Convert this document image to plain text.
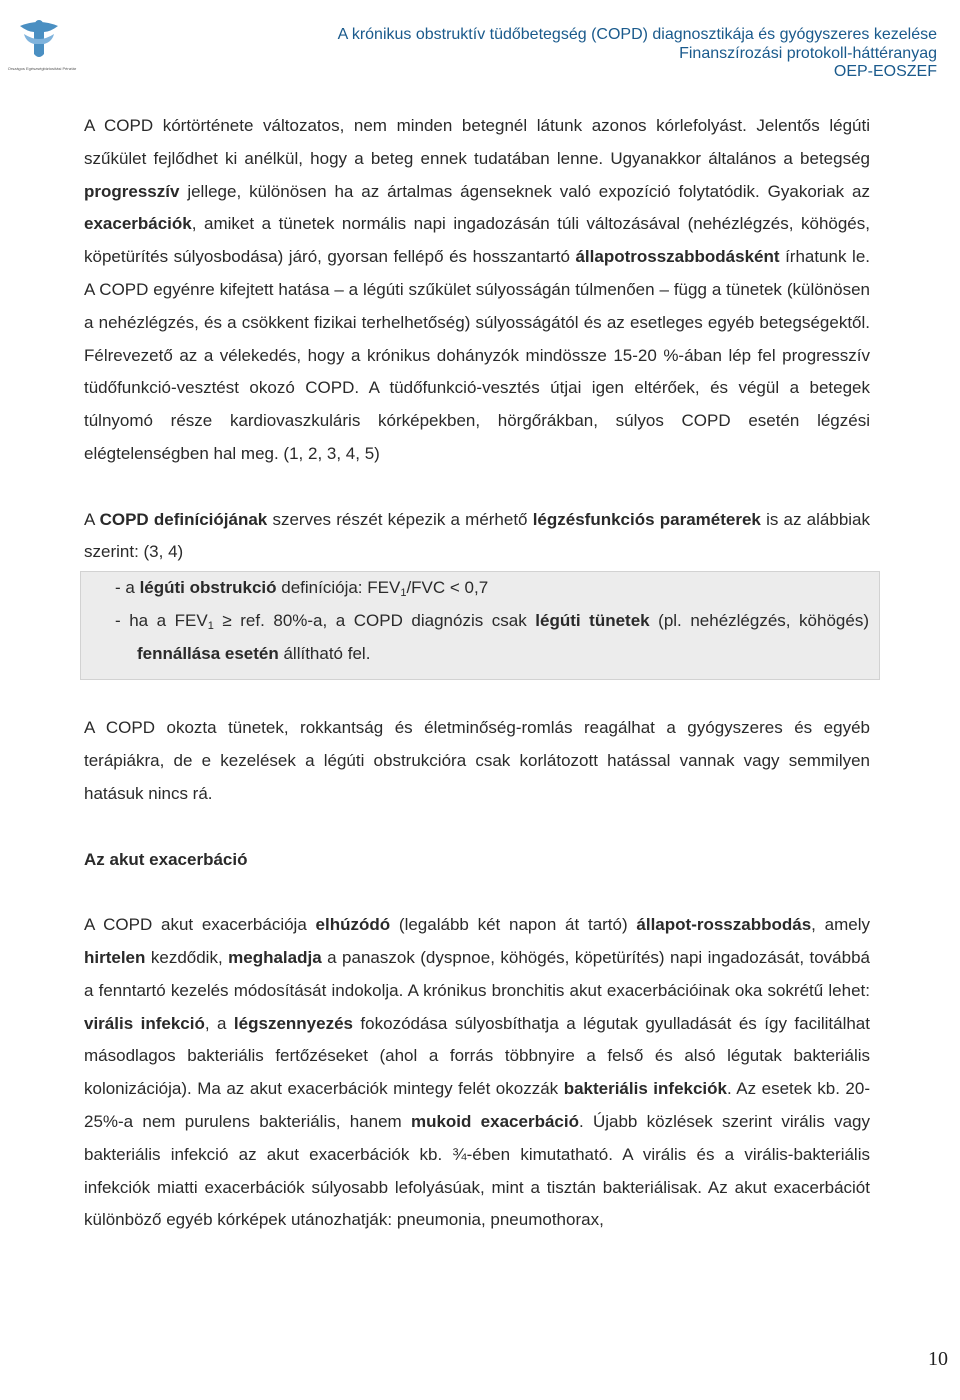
Országos Egészségbiztosítási Pénztár
A krónikus obstruktív tüdőbetegség (COPD) diagnosztikája és gyógyszeres kezelése
Finanszírozási protokoll-háttéranyag
OEP-EOSZEF

A COPD kórtörténete változatos, nem minden betegnél látunk azonos kórlefolyást. Jelentős légúti szűkület fejlődhet ki anélkül, hogy a beteg ennek tudatában lenne. Ugyanakkor általános a betegség progresszív jellege, különösen ha az ártalmas ágenseknek való expozíció folytatódik. Gyakoriak az exacerbációk, amiket a tünetek normális napi ingadozásán túli változásával (nehézlégzés, köhögés, köpetürítés súlyosbodása) járó, gyorsan fellépő és hosszantartó állapotrosszabbodásként írhatunk le. A COPD egyénre kifejtett hatása – a légúti szűkület súlyosságán túlmenően – függ a tünetek (különösen a nehézlégzés, és a csökkent fizikai terhelhetőség) súlyosságától és az esetleges egyéb betegségektől. Félrevezető az a vélekedés, hogy a krónikus dohányzók mindössze 15-20 %-ában lép fel progresszív tüdőfunkció-vesztést okozó COPD. A tüdőfunkció-vesztés útjai igen eltérőek, és végül a betegek túlnyomó része kardiovaszkuláris kórképekben, hörgőrákban, súlyos COPD esetén légzési elégtelenségben hal meg. (1, 2, 3, 4, 5)

A COPD definíciójának szerves részét képezik a mérhető légzésfunkciós paraméterek is az alábbiak szerint: (3, 4)

- a légúti obstrukció definíciója: $FEV_1$/FVC < 0,7

- ha a $FEV_1$ ≥ ref. 80%-a, a COPD diagnózis csak légúti tünetek (pl. nehézlégzés, köhögés) fennállása esetén állítható fel.

A COPD okozta tünetek, rokkantság és életminőség-romlás reagálhat a gyógyszeres és egyéb terápiákra, de e kezelések a légúti obstrukcióra csak korlátozott hatással vannak vagy semmilyen hatásuk nincs rá.

Az akut exacerbáció

A COPD akut exacerbációja elhúzódó (legalább két napon át tartó) állapot-rosszabbodás, amely hirtelen kezdődik, meghaladja a panaszok (dyspnoe, köhögés, köpetürítés) napi ingadozását, továbbá a fenntartó kezelés módosítását indokolja. A krónikus bronchitis akut exacerbációinak oka sokrétű lehet: virális infekció, a légszennyezés fokozódása súlyosbíthatja a légutak gyulladását és így facilitálhat másodlagos bakteriális fertőzéseket (ahol a forrás többnyire a felső és alsó légutak bakteriális kolonizációja). Ma az akut exacerbációk mintegy felét okozzák bakteriális infekciók. Az esetek kb. 20-25%-a nem purulens bakteriális, hanem mukoid exacerbáció. Újabb közlések szerint virális vagy bakteriális infekció az akut exacerbációk kb. ¾-ében kimutatható. A virális és a virális-bakteriális infekciók miatti exacerbációk súlyosabb lefolyásúak, mint a tisztán bakteriálisak. Az akut exacerbációt különböző egyéb kórképek utánozhatják: pneumonia, pneumothorax,

10
